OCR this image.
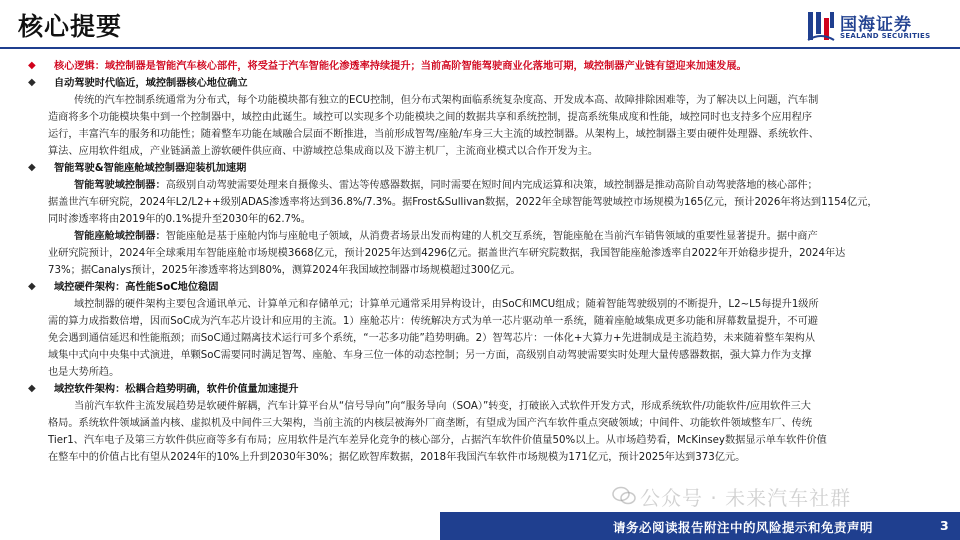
核心提要	国海证券
SEALAND SECURITIES
◆ 核心逻辑：域控制器是智能汽车核心部件，将受益于汽车智能化渗透率持续提升；当前高阶智能驾驶商业化落地可期，域控制器产业链有望迎来加速发展。
◆ 自动驾驶时代临近，域控制器核心地位确立
传统的汽车控制系统通常为分布式，每个功能模块都有独立的ECU控制，但分布式架构面临系统复杂度高、开发成本高、故障排除困难等，为了解决以上问题，汽车制
造商将多个功能模块集中到一个控制器中，域控由此诞生。域控可以实现多个功能模块之间的数据共享和系统控制，提高系统集成度和性能，域控同时也支持多个应用程序
运行，丰富汽车的服务和功能性；随着整车功能在域融合层面不断推进，当前形成智驾/座舱/车身三大主流的域控制器。从架构上，域控制器主要由硬件处理器、系统软件、
算法、应用软件组成，产业链涵盖上游软硬件供应商、中游域控总集成商以及下游主机厂，主流商业模式以合作开发为主。
◆ 智能驾驶&智能座舱域控制器迎装机加速期
智能驾驶域控制器：高级别自动驾驶需要处理来自摄像头、雷达等传感器数据，同时需要在短时间内完成运算和决策，域控制器是推动高阶自动驾驶落地的核心部件；
据盖世汽车研究院，2024年L2/L2++级别ADAS渗透率将达到36.8%/7.3%。据Frost&Sullivan数据，2022年全球智能驾驶域控市场规模为165亿元，预计2026年将达到1154亿元，
同时渗透率将由2019年的0.1%提升至2030年的62.7%。
智能座舱域控制器：智能座舱是基于座舱内饰与座舱电子领域，从消费者场景出发而构建的人机交互系统，智能座舱在当前汽车销售领域的重要性显著提升。据中商产
业研究院预计，2024年全球乘用车智能座舱市场规模3668亿元，预计2025年达到4296亿元。据盖世汽车研究院数据，我国智能座舱渗透率自2022年开始稳步提升，2024年达
73%；据Canalys预计，2025年渗透率将达到80%，测算2024年我国域控制器市场规模超过300亿元。
◆ 域控硬件架构：高性能SoC地位稳固
域控制器的硬件架构主要包含通讯单元、计算单元和存储单元；计算单元通常采用异构设计，由SoC和MCU组成；随着智能驾驶级别的不断提升，L2~L5每提升1级所
需的算力成指数倍增，因而SoC成为汽车芯片设计和应用的主流。1）座舱芯片：传统解决方式为单一芯片驱动单一系统，随着座舱域集成更多功能和屏幕数量提升，不可避
免会遇到通信延迟和性能瓶颈；而SoC通过隔离技术运行可多个系统，“一芯多功能”趋势明确。2）智驾芯片：一体化+大算力+先进制成是主流趋势，未来随着整车架构从
域集中式向中央集中式演进，单颗SoC需要同时满足智驾、座舱、车身三位一体的动态控制；另一方面，高级别自动驾驶需要实时处理大量传感器数据，强大算力作为支撑
也是大势所趋。
◆ 域控软件架构：松耦合趋势明确，软件价值量加速提升
当前汽车软件主流发展趋势是软硬件解耦，汽车计算平台从“信号导向”向“服务导向（SOA）”转变，打破嵌入式软件开发方式，形成系统软件/功能软件/应用软件三大
格局。系统软件领域涵盖内核、虚拟机及中间件三大架构，当前主流的内核层被海外厂商垄断，有望成为国产汽车软件重点突破领域；中间件、功能软件领域整车厂、传统
Tier1、汽车电子及第三方软件供应商等多有布局；应用软件是汽车差异化竞争的核心部分，占据汽车软件价值量50%以上。从市场趋势看，McKinsey数据显示单车软件价值
在整车中的价值占比有望从2024年的10%上升到2030年30%；据亿欧智库数据，2018年我国汽车软件市场规模为171亿元，预计2025年达到373亿元。
公众号 · 未来汽车社群
请务必阅读报告附注中的风险提示和免责声明	3
